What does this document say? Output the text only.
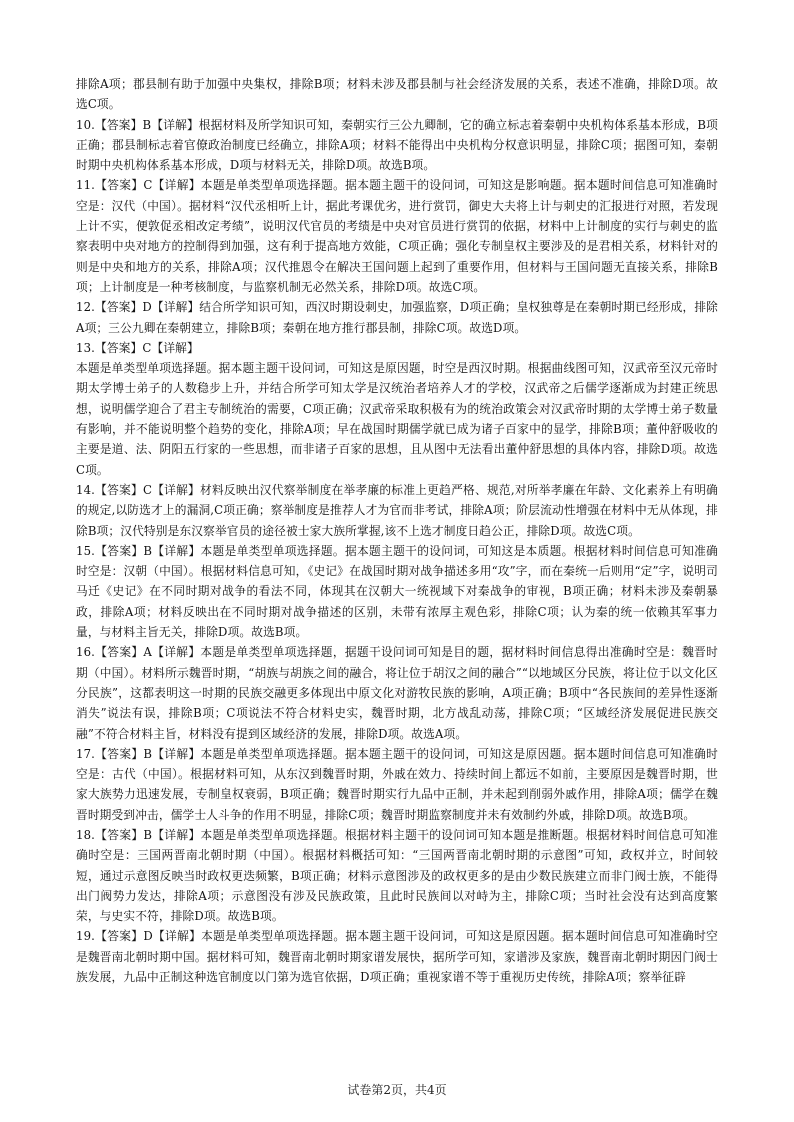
排除A项；郡县制有助于加强中央集权，排除B项；材料未涉及郡县制与社会经济发展的关系，表述不准确，排除D项。故选C项。

10.【答案】B【详解】根据材料及所学知识可知，秦朝实行三公九卿制，它的确立标志着秦朝中央机构体系基本形成，B项正确；郡县制标志着官僚政治制度已经确立，排除A项；材料不能得出中央机构分权意识明显，排除C项；据图可知，秦朝时期中央机构体系基本形成，D项与材料无关，排除D项。故选B项。

11.【答案】C【详解】本题是单类型单项选择题。据本题主题干的设问词，可知这是影响题。据本题时间信息可知准确时空是：汉代（中国）。据材料“汉代丞相听上计，据此考课优劣，进行赏罚，御史大夫将上计与刺史的汇报进行对照，若发现上计不实，便敦促丞相改定考绩”，说明汉代官员的考绩是中央对官员进行赏罚的依据，材料中上计制度的实行与刺史的监察表明中央对地方的控制得到加强，这有利于提高地方效能，C项正确；强化专制皇权主要涉及的是君相关系，材料针对的则是中央和地方的关系，排除A项；汉代推恩令在解决王国问题上起到了重要作用，但材料与王国问题无直接关系，排除B项；上计制度是一种考核制度，与监察机制无必然关系，排除D项。故选C项。

12.【答案】D【详解】结合所学知识可知，西汉时期设刺史，加强监察，D项正确；皇权独尊是在秦朝时期已经形成，排除A项；三公九卿在秦朝建立，排除B项；秦朝在地方推行郡县制，排除C项。故选D项。

13.【答案】C【详解】

本题是单类型单项选择题。据本题主题干设问词，可知这是原因题，时空是西汉时期。根据曲线图可知，汉武帝至汉元帝时期太学博士弟子的人数稳步上升，并结合所学可知太学是汉统治者培养人才的学校，汉武帝之后儒学逐渐成为封建正统思想，说明儒学迎合了君主专制统治的需要，C项正确；汉武帝采取积极有为的统治政策会对汉武帝时期的太学博士弟子数量有影响，并不能说明整个趋势的变化，排除A项；早在战国时期儒学就已成为诸子百家中的显学，排除B项；董仲舒吸收的主要是道、法、阴阳五行家的一些思想，而非诸子百家的思想，且从图中无法看出董仲舒思想的具体内容，排除D项。故选C项。

14.【答案】C【详解】材料反映出汉代察举制度在举孝廉的标准上更趋严格、规范,对所举孝廉在年龄、文化素养上有明确的规定,以防选才上的漏洞,C项正确；察举制度是推荐人才为官而非考试，排除A项；阶层流动性增强在材料中无从体现，排除B项；汉代特别是东汉察举官员的途径被士家大族所掌握,该不上选才制度日趋公正，排除D项。故选C项。

15.【答案】B【详解】本题是单类型单项选择题。据本题主题干的设问词，可知这是本质题。根据材料时间信息可知准确时空是：汉朝（中国）。根据材料信息可知，《史记》在战国时期对战争描述多用“攻”字，而在秦统一后则用“定”字，说明司马迁《史记》在不同时期对战争的看法不同，体现其在汉朝大一统视域下对秦战争的审视，B项正确；材料未涉及秦朝暴政，排除A项；材料反映出在不同时期对战争描述的区别，未带有浓厚主观色彩，排除C项；认为秦的统一依赖其军事力量，与材料主旨无关，排除D项。故选B项。

16.【答案】A【详解】本题是单类型单项选择题，据题干设问词可知是目的题，据材料时间信息得出准确时空是：魏晋时期（中国）。材料所示魏晋时期，“胡族与胡族之间的融合，将让位于胡汉之间的融合”“以地域区分民族，将让位于以文化区分民族”，这都表明这一时期的民族交融更多体现出中原文化对游牧民族的影响，A项正确；B项中“各民族间的差异性逐渐消失”说法有误，排除B项；C项说法不符合材料史实，魏晋时期，北方战乱动荡，排除C项；“区域经济发展促进民族交融”不符合材料主旨，材料没有提到区域经济的发展，排除D项。故选A项。

17.【答案】B【详解】本题是单类型单项选择题。据本题主题干的设问词，可知这是原因题。据本题时间信息可知准确时空是：古代（中国）。根据材料可知，从东汉到魏晋时期，外戚在效力、持续时间上都远不如前，主要原因是魏晋时期，世家大族势力迅速发展，专制皇权衰弱，B项正确；魏晋时期实行九品中正制，并未起到削弱外戚作用，排除A项；儒学在魏晋时期受到冲击，儒学士人斗争的作用不明显，排除C项；魏晋时期监察制度并未有效制约外戚，排除D项。故选B项。

18.【答案】B【详解】本题是单类型单项选择题。根据材料主题干的设问词可知本题是推断题。根据材料时间信息可知准确时空是：三国两晋南北朝时期（中国）。根据材料概括可知：“三国两晋南北朝时期的示意图”可知，政权并立，时间较短，通过示意图反映当时政权更迭频繁，B项正确；材料示意图涉及的政权更多的是由少数民族建立而非门阀士族，不能得出门阀势力发达，排除A项；示意图没有涉及民族政策，且此时民族间以对峙为主，排除C项；当时社会没有达到高度繁荣，与史实不符，排除D项。故选B项。

19.【答案】D【详解】本题是单类型单项选择题。据本题主题干设问词，可知这是原因题。据本题时间信息可知准确时空是魏晋南北朝时期中国。据材料可知，魏晋南北朝时期家谱发展快，据所学可知，家谱涉及家族，魏晋南北朝时期因门阀士族发展，九品中正制这种选官制度以门第为选官依据，D项正确；重视家谱不等于重视历史传统，排除A项；察举征辟

试卷第2页，共4页
